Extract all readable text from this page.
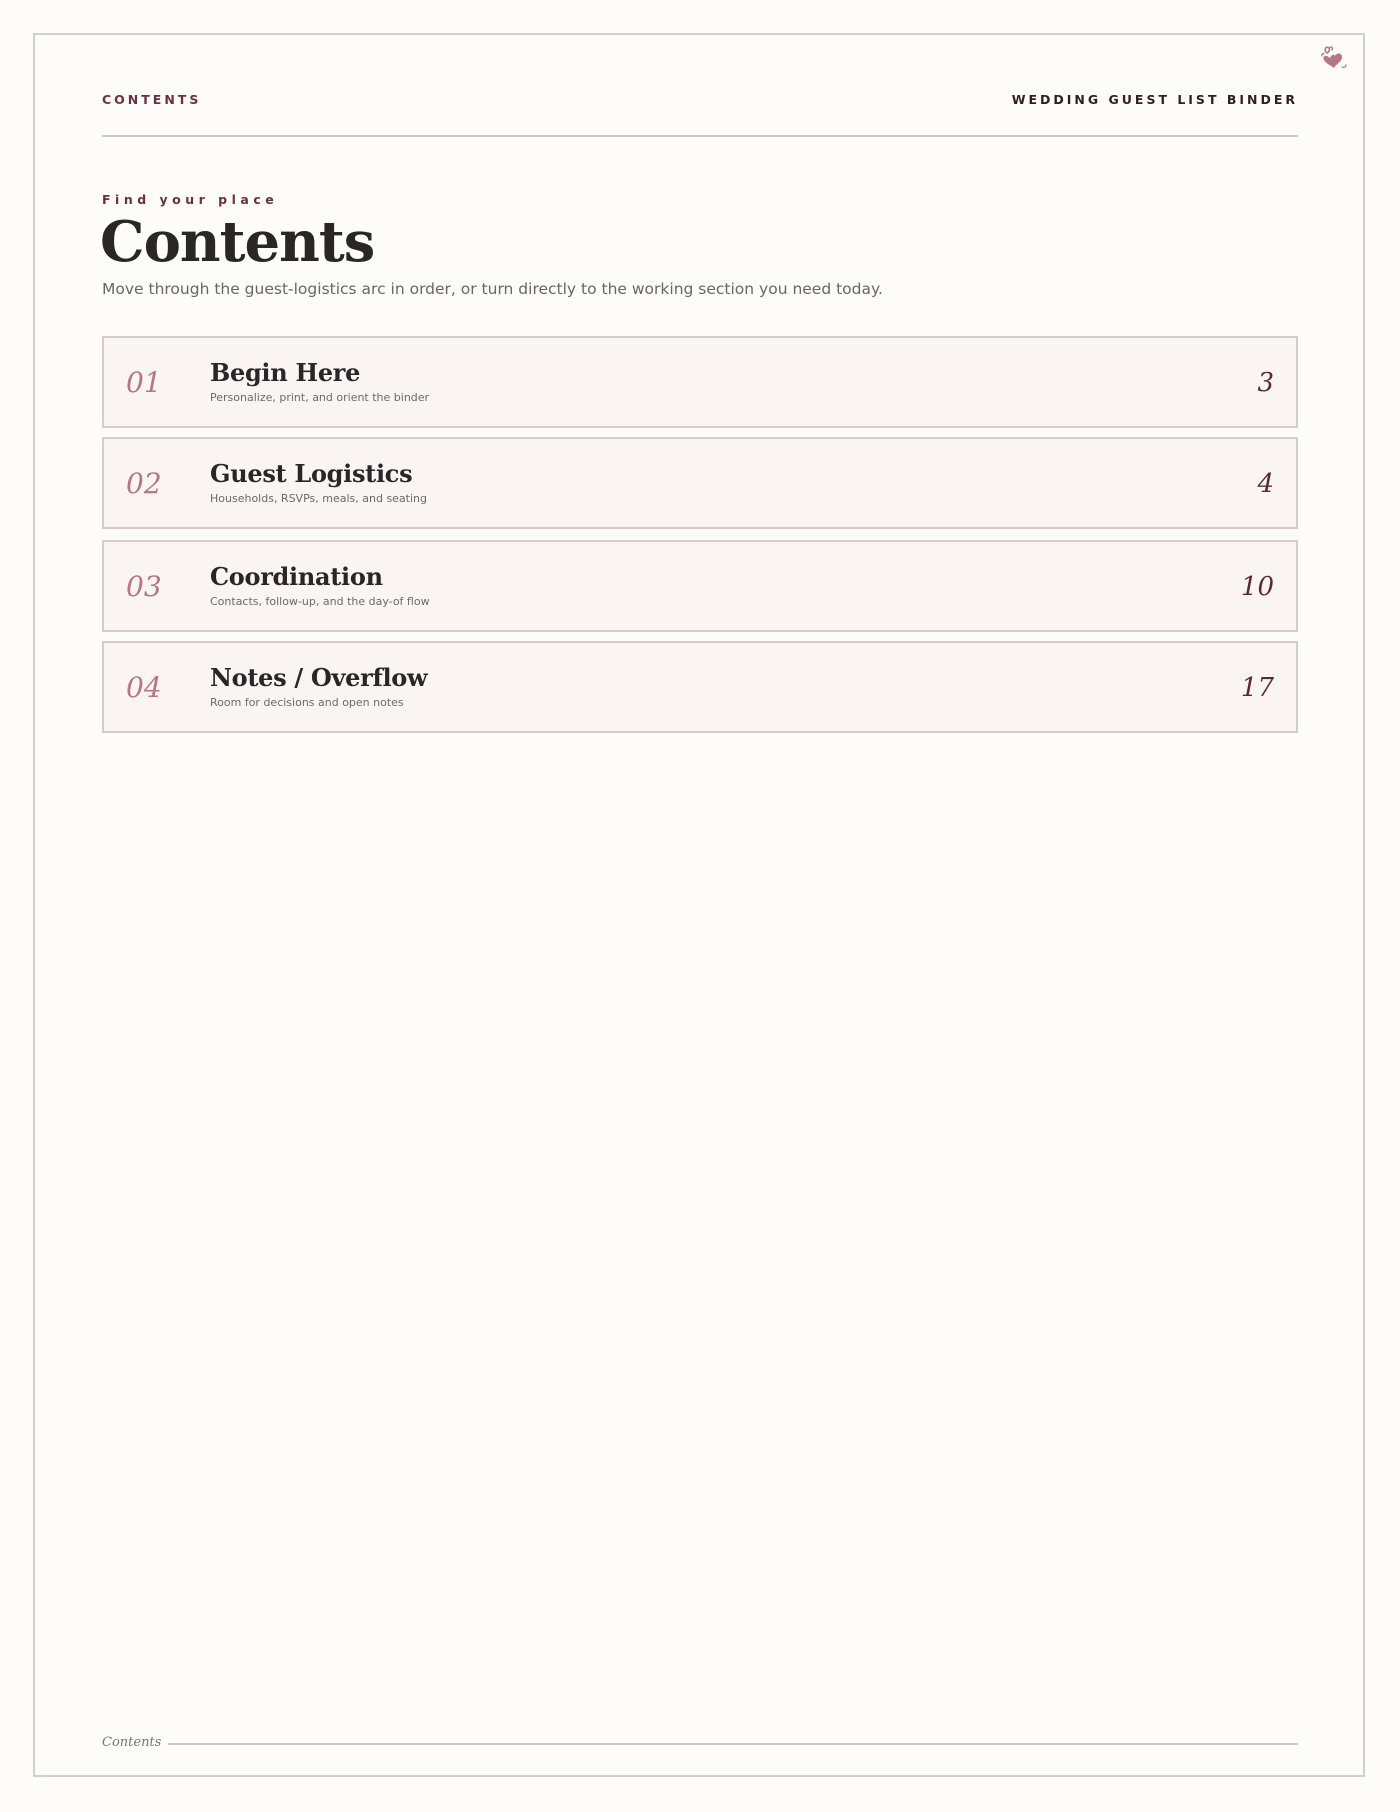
CONTENTS	WEDDING GUEST LIST BINDER
Find your place
Contents
Move through the guest-logistics arc in order, or turn directly to the working section you need today.
01 Begin Here
Personalize, print, and orient the binder	3
02 Guest Logistics
Households, RSVPs, meals, and seating	4
03 Coordination
Contacts, follow-up, and the day-of flow	10
04 Notes / Overflow
Room for decisions and open notes	17
Contents
